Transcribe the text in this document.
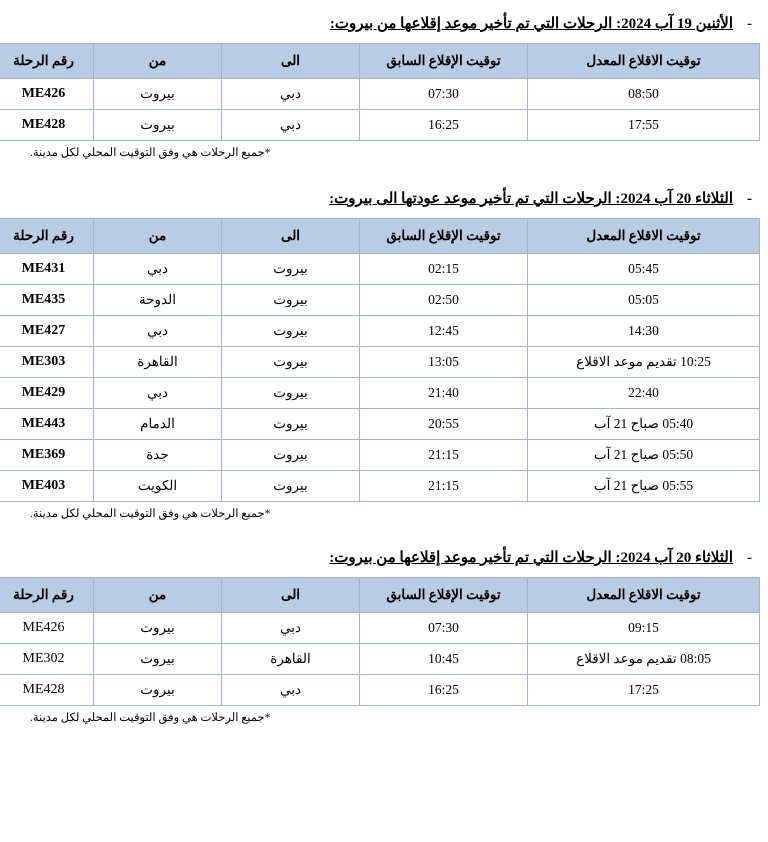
-
الأثنين 19 آب 2024: الرحلات التي تم تأخير موعد إقلاعها من بيروت:
توقيت الاقلاع المعدل	توقيت الإقلاع السابق	الى	من	رقم الرحلة
08:50	07:30	دبي	بيروت	ME426
17:55	16:25	دبي	بيروت	ME428
*جميع الرحلات هي وفق التوقيت المحلي لكل مدينة.
-
الثلاثاء 20 آب 2024: الرحلات التي تم تأخير موعد عودتها الى بيروت:
توقيت الاقلاع المعدل	توقيت الإقلاع السابق	الى	من	رقم الرحلة
05:45	02:15	بيروت	دبي	ME431
05:05	02:50	بيروت	الدوحة	ME435
14:30	12:45	بيروت	دبي	ME427
10:25 تقديم موعد الاقلاع	13:05	بيروت	القاهرة	ME303
22:40	21:40	بيروت	دبي	ME429
05:40 صباح 21 آب	20:55	بيروت	الدمام	ME443
05:50 صباح 21 آب	21:15	بيروت	جدة	ME369
05:55 صباح 21 آب	21:15	بيروت	الكويت	ME403
*جميع الرحلات هي وفق التوقيت المحلي لكل مدينة.
-
الثلاثاء 20 آب 2024: الرحلات التي تم تأخير موعد إقلاعها من بيروت:
توقيت الاقلاع المعدل	توقيت الإقلاع السابق	الى	من	رقم الرحلة
09:15	07:30	دبي	بيروت	ME426
08:05 تقديم موعد الاقلاع	10:45	القاهرة	بيروت	ME302
17:25	16:25	دبي	بيروت	ME428
*جميع الرحلات هي وفق التوقيت المحلي لكل مدينة.
